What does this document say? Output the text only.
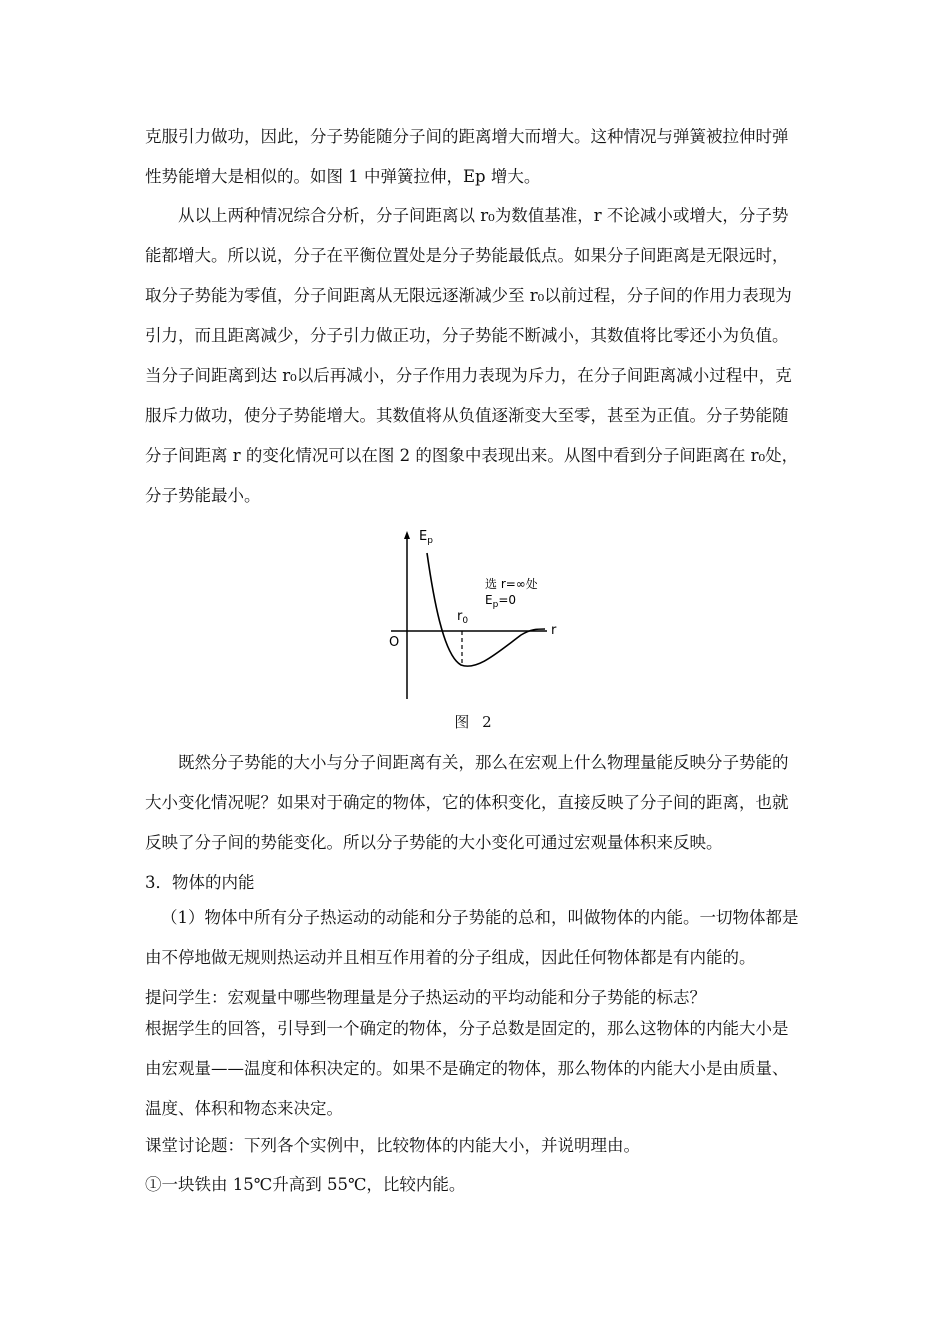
克服引力做功，因此，分子势能随分子间的距离增大而增大。这种情况与弹簧被拉伸时弹
性势能增大是相似的。如图 1 中弹簧拉伸，Ep 增大。
从以上两种情况综合分析，分子间距离以 r₀为数值基准，r 不论减小或增大，分子势
能都增大。所以说，分子在平衡位置处是分子势能最低点。如果分子间距离是无限远时，
取分子势能为零值，分子间距离从无限远逐渐减少至 r₀以前过程，分子间的作用力表现为
引力，而且距离减少，分子引力做正功，分子势能不断减小，其数值将比零还小为负值。
当分子间距离到达 r₀以后再减小，分子作用力表现为斥力，在分子间距离减小过程中，克
服斥力做功，使分子势能增大。其数值将从负值逐渐变大至零，甚至为正值。分子势能随
分子间距离 r 的变化情况可以在图 2 的图象中表现出来。从图中看到分子间距离在 r₀处，
分子势能最小。
$E_p$
O
$r_0$
r
选 r=∞处
$E_p=0$
图 2
既然分子势能的大小与分子间距离有关，那么在宏观上什么物理量能反映分子势能的
大小变化情况呢？如果对于确定的物体，它的体积变化，直接反映了分子间的距离，也就
反映了分子间的势能变化。所以分子势能的大小变化可通过宏观量体积来反映。
3．物体的内能
（1）物体中所有分子热运动的动能和分子势能的总和，叫做物体的内能。一切物体都是
由不停地做无规则热运动并且相互作用着的分子组成，因此任何物体都是有内能的。
提问学生：宏观量中哪些物理量是分子热运动的平均动能和分子势能的标志？
根据学生的回答，引导到一个确定的物体，分子总数是固定的，那么这物体的内能大小是
由宏观量——温度和体积决定的。如果不是确定的物体，那么物体的内能大小是由质量、
温度、体积和物态来决定。
课堂讨论题：下列各个实例中，比较物体的内能大小，并说明理由。
①一块铁由 15℃升高到 55℃，比较内能。
